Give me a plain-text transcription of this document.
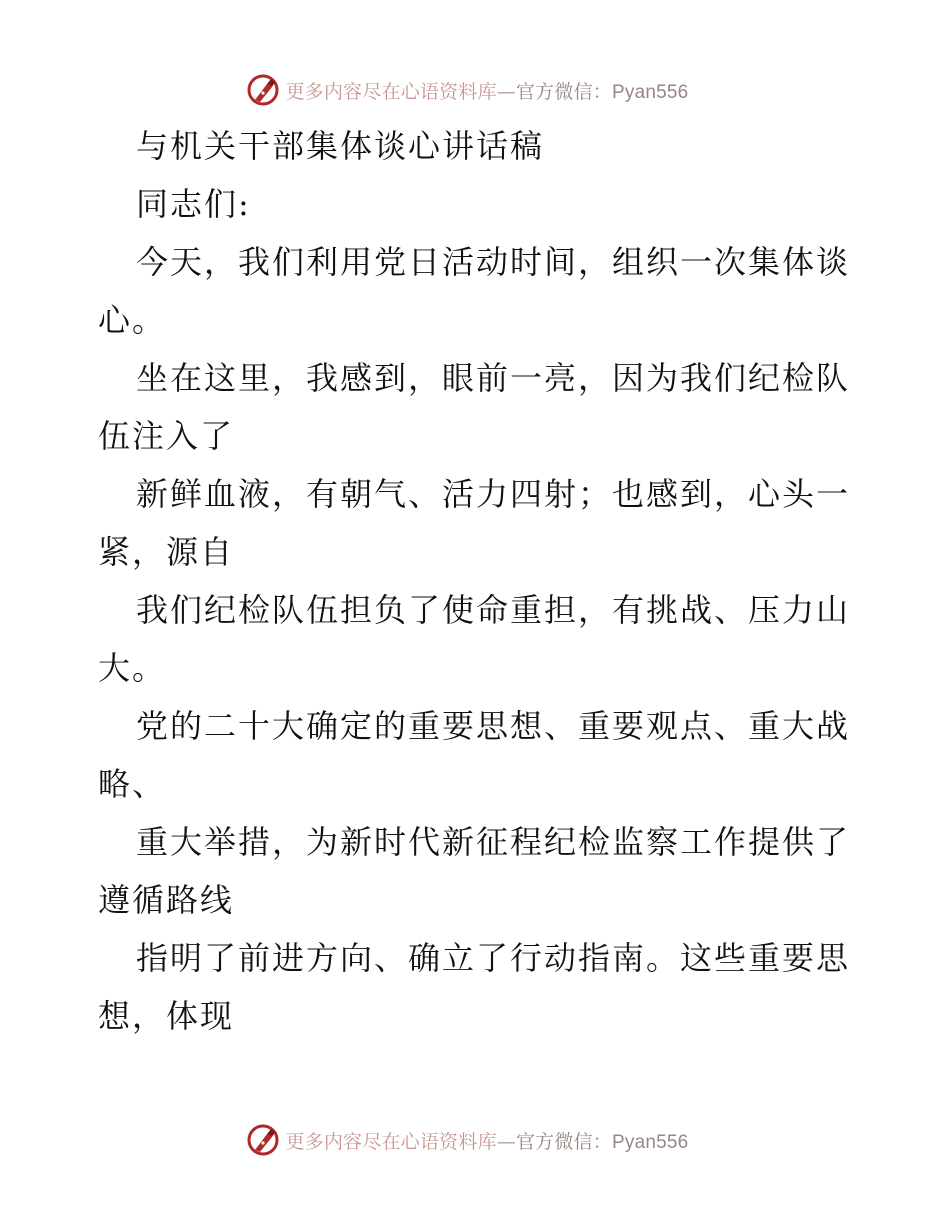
更多内容尽在心语资料库—官方微信：Pyan556
与机关干部集体谈心讲话稿
同志们:
今天，我们利用党日活动时间，组织一次集体谈
心。
坐在这里，我感到，眼前一亮，因为我们纪检队
伍注入了
新鲜血液，有朝气、活力四射；也感到，心头一
紧，源自
我们纪检队伍担负了使命重担，有挑战、压力山
大。
党的二十大确定的重要思想、重要观点、重大战
略、
重大举措，为新时代新征程纪检监察工作提供了
遵循路线
指明了前进方向、确立了行动指南。这些重要思
想，体现
更多内容尽在心语资料库—官方微信：Pyan556
